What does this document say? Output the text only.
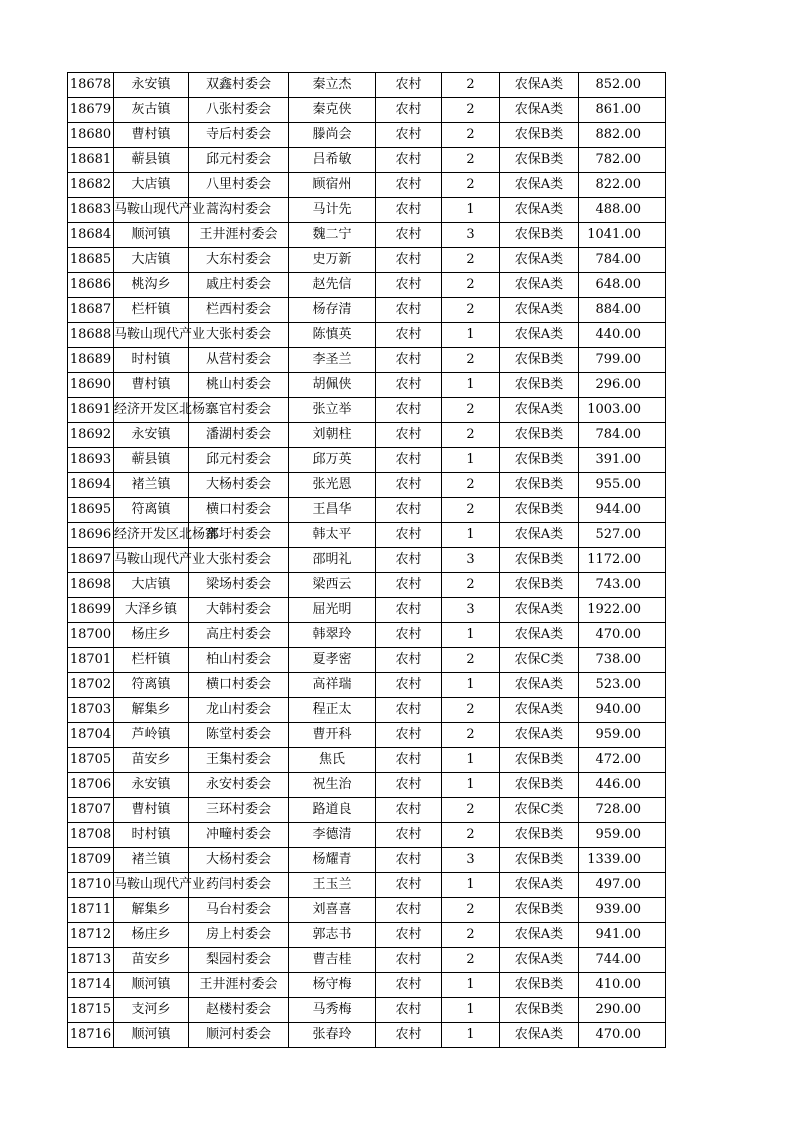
18678	永安镇	双鑫村委会	秦立杰	农村	2	农保A类	852.00
18679	灰古镇	八张村委会	秦克侠	农村	2	农保A类	861.00
18680	曹村镇	寺后村委会	滕尚会	农村	2	农保B类	882.00
18681	蕲县镇	邱元村委会	吕希敏	农村	2	农保B类	782.00
18682	大店镇	八里村委会	顾宿州	农村	2	农保A类	822.00
18683	马鞍山现代产业	蒿沟村委会	马计先	农村	1	农保A类	488.00
18684	顺河镇	王井涯村委会	魏二宁	农村	3	农保B类	1041.00
18685	大店镇	大东村委会	史万新	农村	2	农保A类	784.00
18686	桃沟乡	戚庄村委会	赵先信	农村	2	农保A类	648.00
18687	栏杆镇	栏西村委会	杨存清	农村	2	农保A类	884.00
18688	马鞍山现代产业	大张村委会	陈慎英	农村	1	农保A类	440.00
18689	时村镇	从营村委会	李圣兰	农村	2	农保B类	799.00
18690	曹村镇	桃山村委会	胡佩侠	农村	1	农保B类	296.00
18691	经济开发区北杨寨	三官村委会	张立举	农村	2	农保A类	1003.00
18692	永安镇	潘湖村委会	刘朝柱	农村	2	农保B类	784.00
18693	蕲县镇	邱元村委会	邱万英	农村	1	农保B类	391.00
18694	褚兰镇	大杨村委会	张光恩	农村	2	农保B类	955.00
18695	符离镇	横口村委会	王昌华	农村	2	农保B类	944.00
18696	经济开发区北杨寨	邵圩村委会	韩太平	农村	1	农保A类	527.00
18697	马鞍山现代产业	大张村委会	邵明礼	农村	3	农保B类	1172.00
18698	大店镇	梁场村委会	梁西云	农村	2	农保B类	743.00
18699	大泽乡镇	大韩村委会	屈光明	农村	3	农保A类	1922.00
18700	杨庄乡	高庄村委会	韩翠玲	农村	1	农保A类	470.00
18701	栏杆镇	柏山村委会	夏孝密	农村	2	农保C类	738.00
18702	符离镇	横口村委会	高祥瑞	农村	1	农保A类	523.00
18703	解集乡	龙山村委会	程正太	农村	2	农保A类	940.00
18704	芦岭镇	陈堂村委会	曹开科	农村	2	农保A类	959.00
18705	苗安乡	王集村委会	焦氏	农村	1	农保B类	472.00
18706	永安镇	永安村委会	祝生治	农村	1	农保B类	446.00
18707	曹村镇	三环村委会	路道良	农村	2	农保C类	728.00
18708	时村镇	冲疃村委会	李德清	农村	2	农保B类	959.00
18709	褚兰镇	大杨村委会	杨耀青	农村	3	农保B类	1339.00
18710	马鞍山现代产业	药闫村委会	王玉兰	农村	1	农保A类	497.00
18711	解集乡	马台村委会	刘喜喜	农村	2	农保B类	939.00
18712	杨庄乡	房上村委会	郭志书	农村	2	农保A类	941.00
18713	苗安乡	梨园村委会	曹吉桂	农村	2	农保A类	744.00
18714	顺河镇	王井涯村委会	杨守梅	农村	1	农保B类	410.00
18715	支河乡	赵楼村委会	马秀梅	农村	1	农保B类	290.00
18716	顺河镇	顺河村委会	张春玲	农村	1	农保A类	470.00
